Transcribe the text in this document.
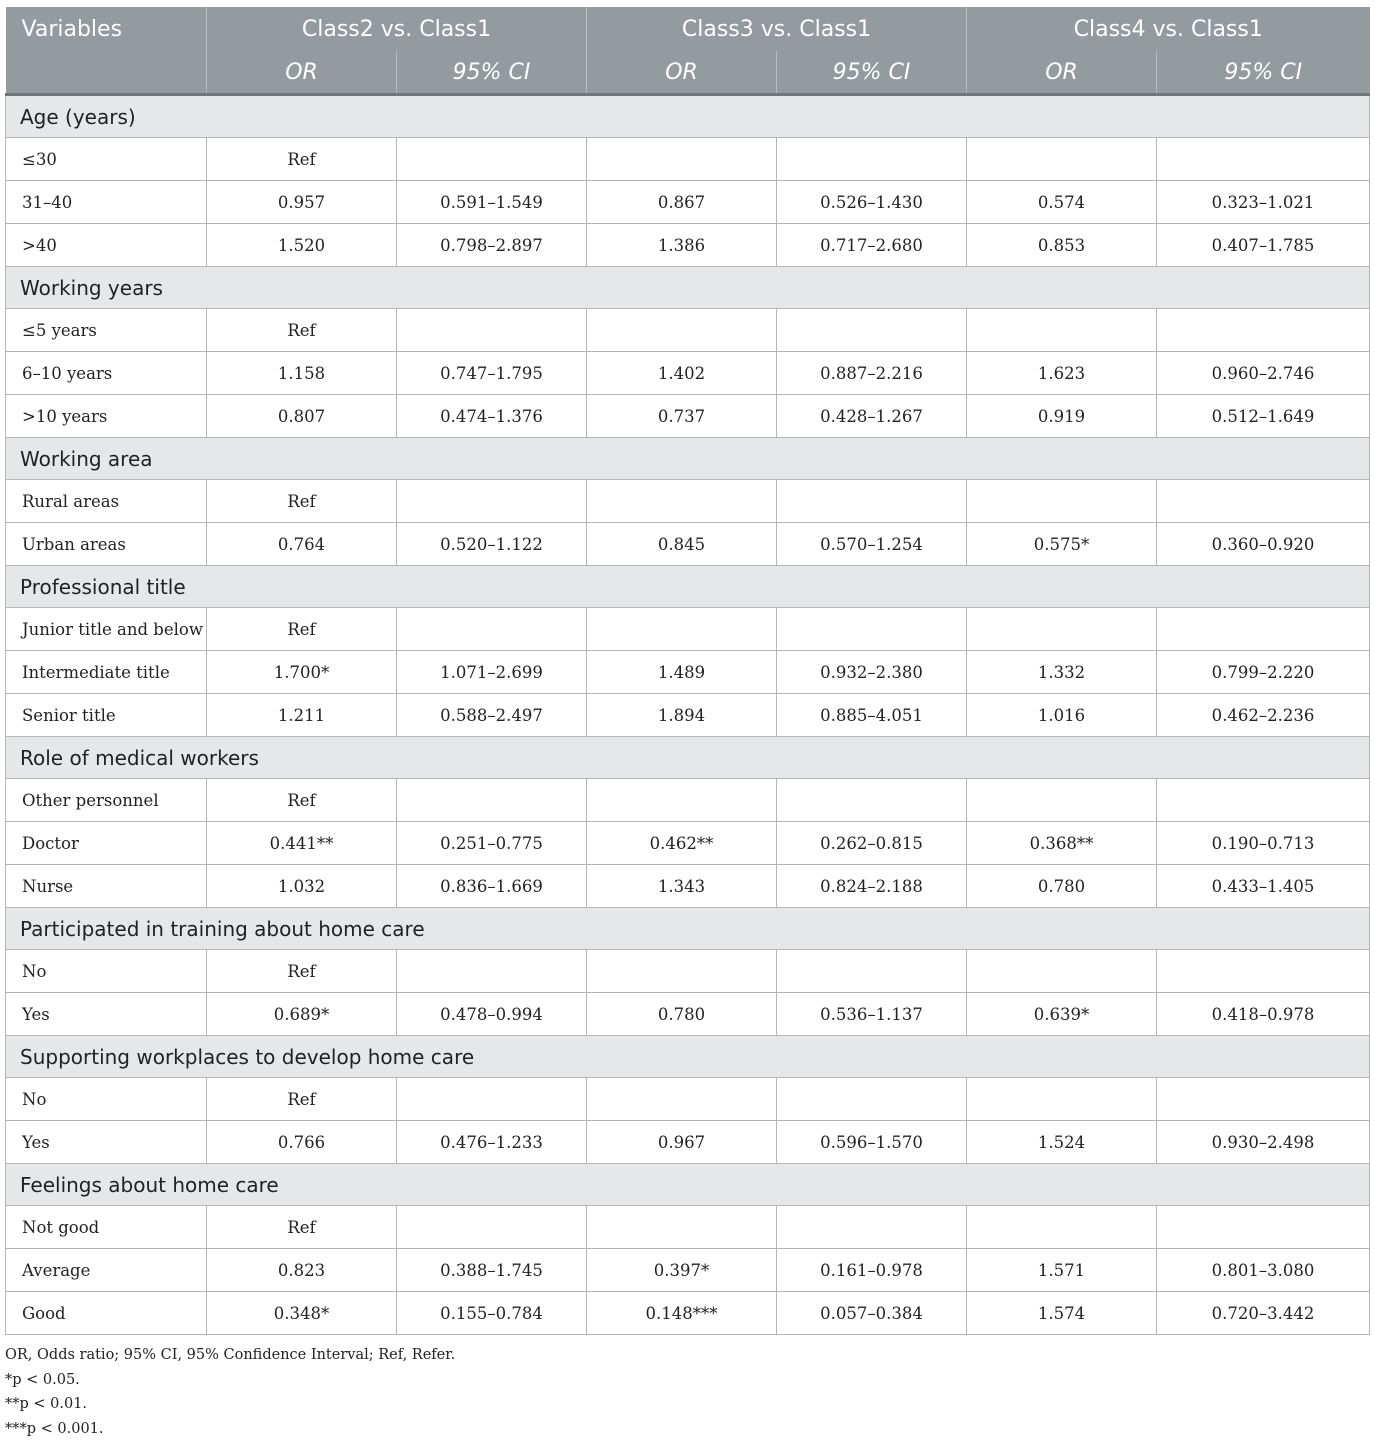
Variables	Class2 vs. Class1		Class3 vs. Class1		Class4 vs. Class1	
	OR	95% CI	OR	95% CI	OR	95% CI
Age (years)						
≤30	Ref					
31–40	0.957	0.591–1.549	0.867	0.526–1.430	0.574	0.323–1.021
>40	1.520	0.798–2.897	1.386	0.717–2.680	0.853	0.407–1.785
Working years						
≤5 years	Ref					
6–10 years	1.158	0.747–1.795	1.402	0.887–2.216	1.623	0.960–2.746
>10 years	0.807	0.474–1.376	0.737	0.428–1.267	0.919	0.512–1.649
Working area						
Rural areas	Ref					
Urban areas	0.764	0.520–1.122	0.845	0.570–1.254	0.575*	0.360–0.920
Professional title						
Junior title and below	Ref					
Intermediate title	1.700*	1.071–2.699	1.489	0.932–2.380	1.332	0.799–2.220
Senior title	1.211	0.588–2.497	1.894	0.885–4.051	1.016	0.462–2.236
Role of medical workers						
Other personnel	Ref					
Doctor	0.441**	0.251–0.775	0.462**	0.262–0.815	0.368**	0.190–0.713
Nurse	1.032	0.836–1.669	1.343	0.824–2.188	0.780	0.433–1.405
Participated in training about home care						
No	Ref					
Yes	0.689*	0.478–0.994	0.780	0.536–1.137	0.639*	0.418–0.978
Supporting workplaces to develop home care						
No	Ref					
Yes	0.766	0.476–1.233	0.967	0.596–1.570	1.524	0.930–2.498
Feelings about home care						
Not good	Ref					
Average	0.823	0.388–1.745	0.397*	0.161–0.978	1.571	0.801–3.080
Good	0.348*	0.155–0.784	0.148***	0.057–0.384	1.574	0.720–3.442
OR, Odds ratio; 95% CI, 95% Confidence Interval; Ref, Refer.
*p < 0.05.
**p < 0.01.
***p < 0.001.
